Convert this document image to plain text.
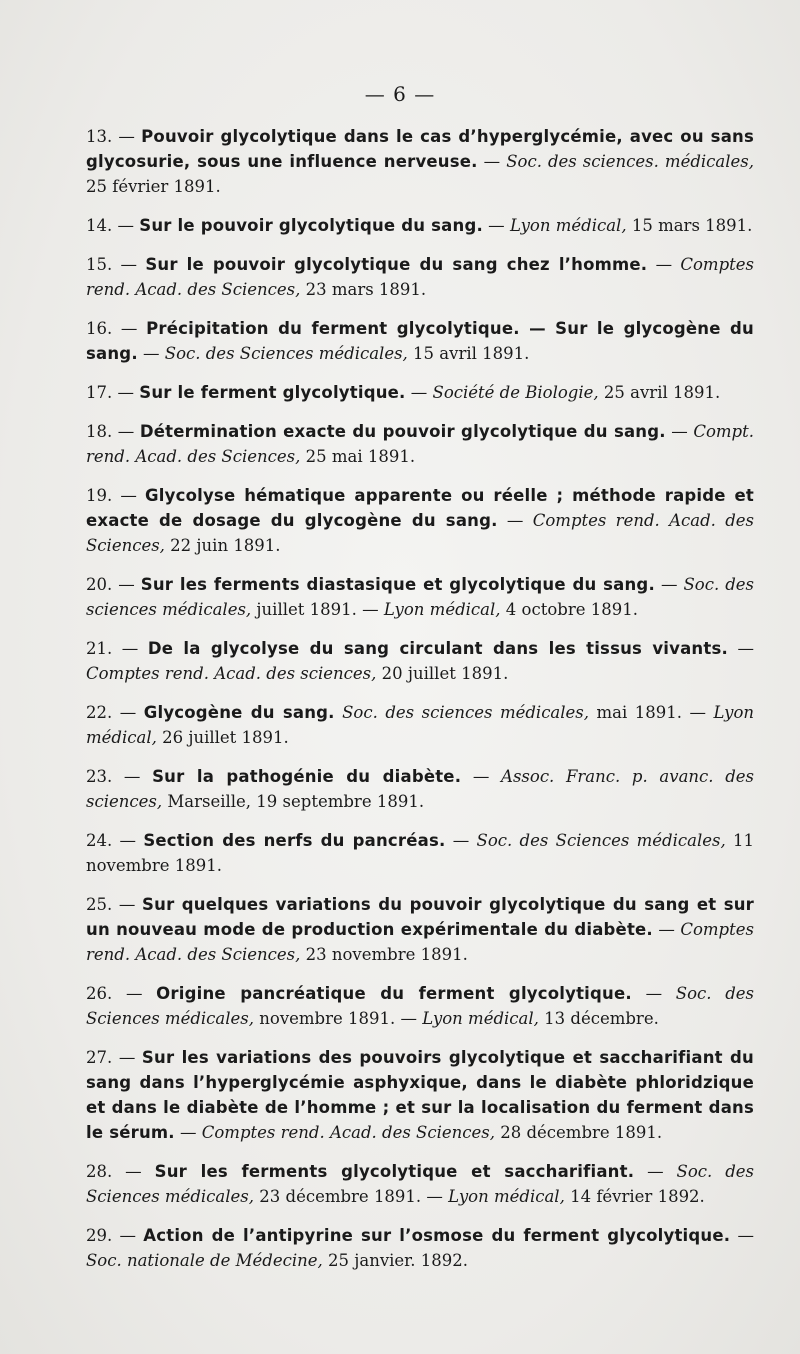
— 6 —

13. — Pouvoir glycolytique dans le cas d’hyperglycémie, avec ou sans glycosurie, sous une influence nerveuse. — Soc. des sciences. médicales, 25 février 1891.

14. — Sur le pouvoir glycolytique du sang. — Lyon médical, 15 mars 1891.

15. — Sur le pouvoir glycolytique du sang chez l’homme. — Comptes rend. Acad. des Sciences, 23 mars 1891.

16. — Précipitation du ferment glycolytique. — Sur le glycogène du sang. — Soc. des Sciences médicales, 15 avril 1891.

17. — Sur le ferment glycolytique. — Société de Biologie, 25 avril 1891.

18. — Détermination exacte du pouvoir glycolytique du sang. — Compt. rend. Acad. des Sciences, 25 mai 1891.

19. — Glycolyse hématique apparente ou réelle ; méthode rapide et exacte de dosage du glycogène du sang. — Comptes rend. Acad. des Sciences, 22 juin 1891.

20. — Sur les ferments diastasique et glycolytique du sang. — Soc. des sciences médicales, juillet 1891. — Lyon médical, 4 octobre 1891.

21. — De la glycolyse du sang circulant dans les tissus vivants. — Comptes rend. Acad. des sciences, 20 juillet 1891.

22. — Glycogène du sang. Soc. des sciences médicales, mai 1891. — Lyon médical, 26 juillet 1891.

23. — Sur la pathogénie du diabète. — Assoc. Franc. p. avanc. des sciences, Marseille, 19 septembre 1891.

24. — Section des nerfs du pancréas. — Soc. des Sciences médicales, 11 novembre 1891.

25. — Sur quelques variations du pouvoir glycolytique du sang et sur un nouveau mode de production expérimentale du diabète. — Comptes rend. Acad. des Sciences, 23 novembre 1891.

26. — Origine pancréatique du ferment glycolytique. — Soc. des Sciences médicales, novembre 1891. — Lyon médical, 13 décembre.

27. — Sur les variations des pouvoirs glycolytique et saccharifiant du sang dans l’hyperglycémie asphyxique, dans le diabète phloridzique et dans le diabète de l’homme ; et sur la localisation du ferment dans le sérum. — Comptes rend. Acad. des Sciences, 28 décembre 1891.

28. — Sur les ferments glycolytique et saccharifiant. — Soc. des Sciences médicales, 23 décembre 1891. — Lyon médical, 14 février 1892.

29. — Action de l’antipyrine sur l’osmose du ferment glycolytique. — Soc. nationale de Médecine, 25 janvier. 1892.
